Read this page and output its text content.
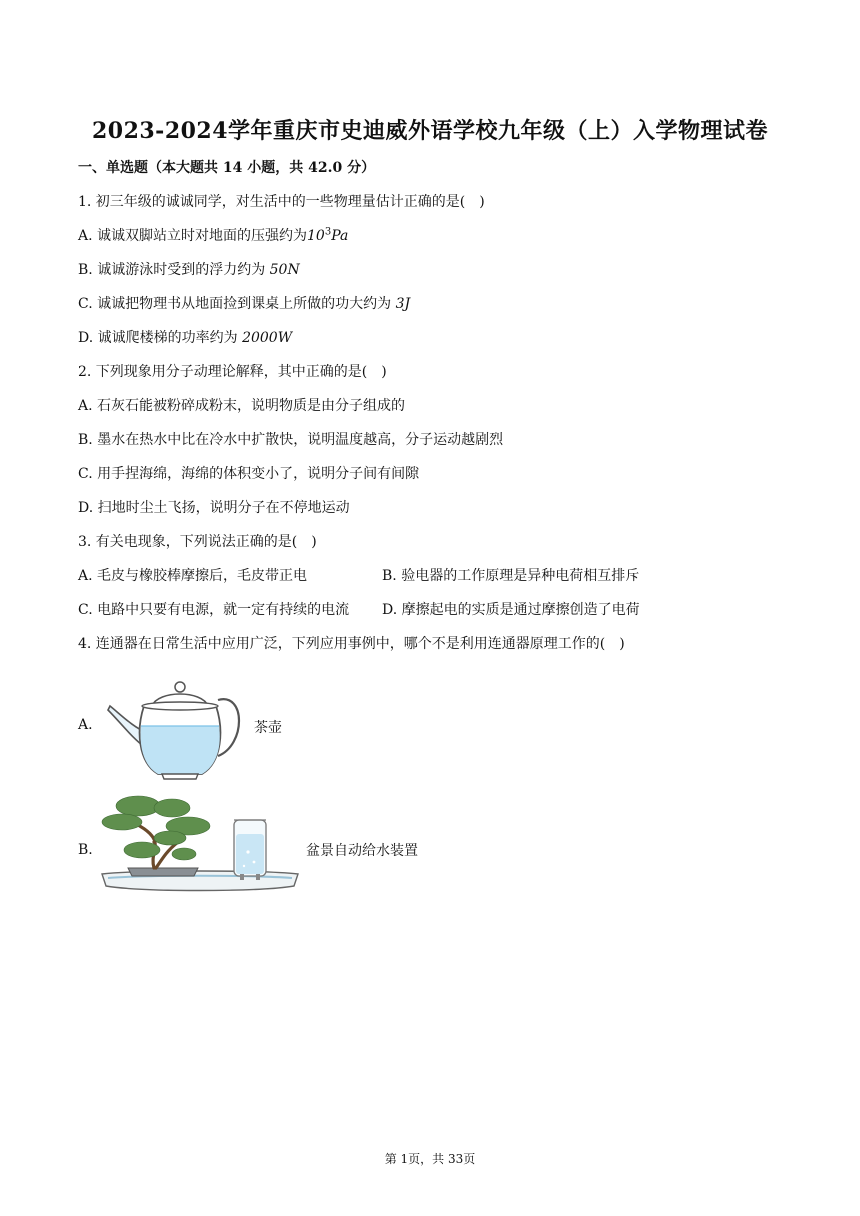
2023-2024学年重庆市史迪威外语学校九年级（上）入学物理试卷
一、单选题（本大题共 14 小题，共 42.0 分）
1. 初三年级的诚诚同学，对生活中的一些物理量估计正确的是(　)
A. 诚诚双脚站立时对地面的压强约为$10^3Pa$
B. 诚诚游泳时受到的浮力约为 50N
C. 诚诚把物理书从地面捡到课桌上所做的功大约为 3J
D. 诚诚爬楼梯的功率约为 2000W
2. 下列现象用分子动理论解释，其中正确的是(　)
A. 石灰石能被粉碎成粉末，说明物质是由分子组成的
B. 墨水在热水中比在冷水中扩散快，说明温度越高，分子运动越剧烈
C. 用手捏海绵，海绵的体积变小了，说明分子间有间隙
D. 扫地时尘土飞扬，说明分子在不停地运动
3. 有关电现象，下列说法正确的是(　)
A. 毛皮与橡胶棒摩擦后，毛皮带正电	B. 验电器的工作原理是异种电荷相互排斥
C. 电路中只要有电源，就一定有持续的电流 D. 摩擦起电的实质是通过摩擦创造了电荷
4. 连通器在日常生活中应用广泛，下列应用事例中，哪个不是利用连通器原理工作的(　)
A.	茶壶
B.	盆景自动给水装置
第 1页，共 33页
